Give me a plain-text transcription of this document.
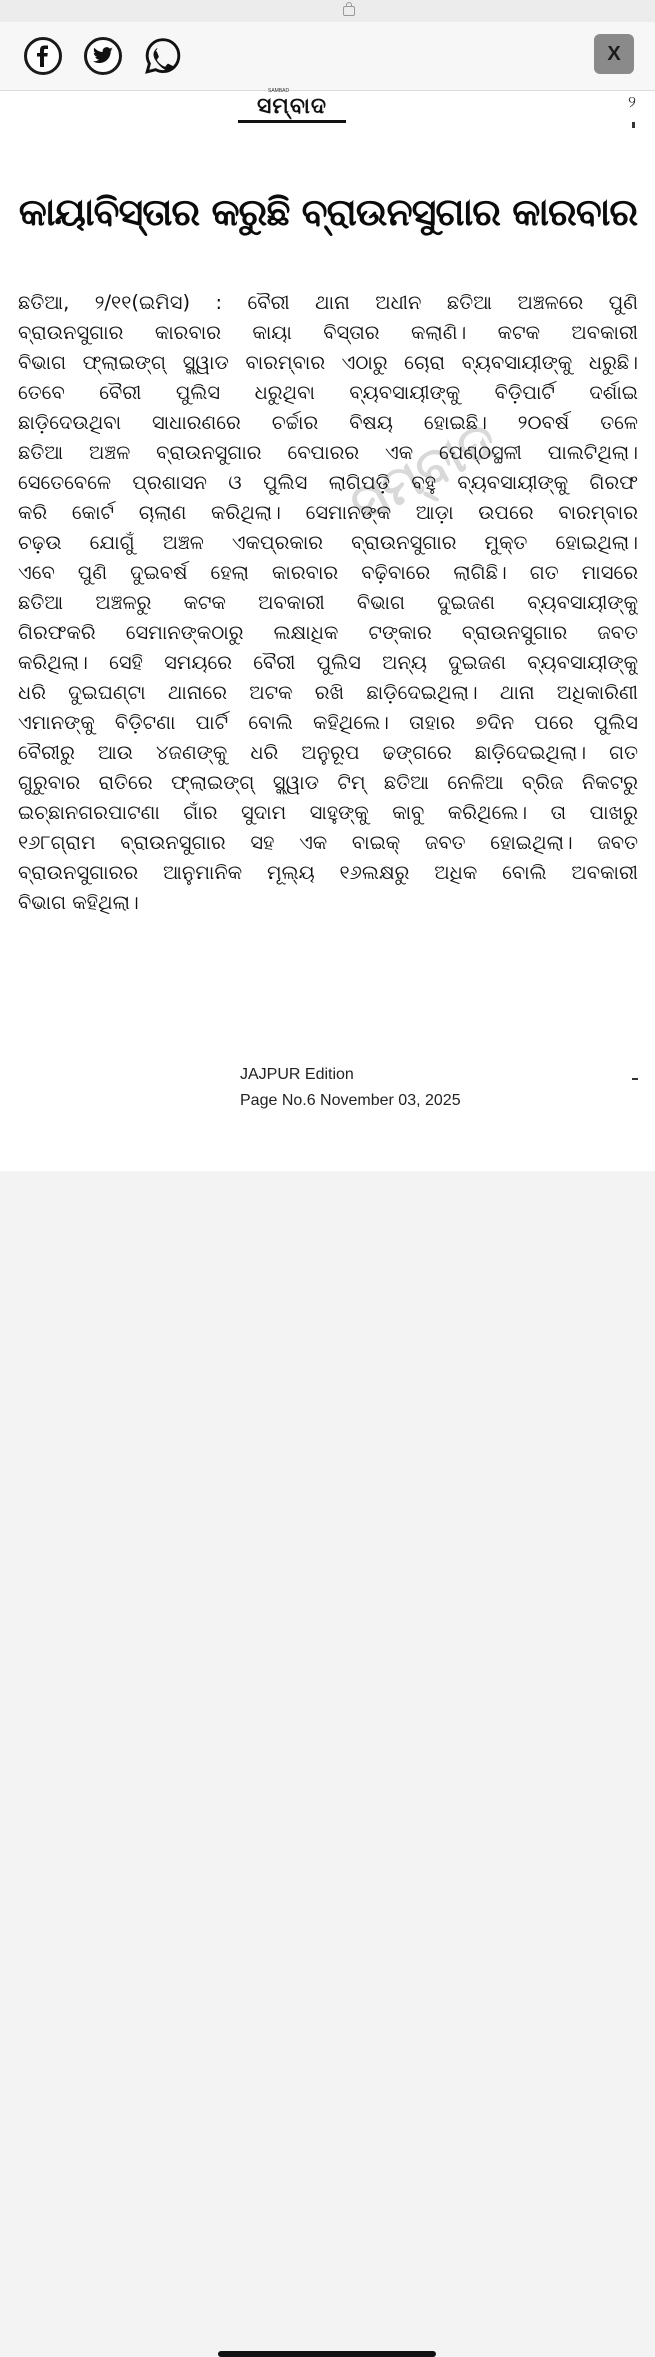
X
SAMBAD
ସମ୍ବାଦ	୨
କାୟାବିସ୍ତାର କରୁଛି ବ୍ରାଉନସୁଗାର କାରବାର
ସମ୍ବାଦ
ଛତିଆ, ୨/୧୧(ଇମିସ) : ବୈରୀ ଥାନା ଅଧୀନ ଛତିଆ ଅଞ୍ଚଳରେ ପୁଣି
ବ୍ରାଉନସୁଗାର କାରବାର କାୟା ବିସ୍ତାର କଲାଣି। କଟକ ଅବକାରୀ
ବିଭାଗ ଫ୍ଲାଇଙ୍ଗ୍ ସ୍କ୍ୱାଡ ବାରମ୍ବାର ଏଠାରୁ ଚୋରା ବ୍ୟବସାୟୀଙ୍କୁ ଧରୁଛି।
ତେବେ ବୈରୀ ପୁଲିସ ଧରୁଥିବା ବ୍ୟବସାୟୀଙ୍କୁ ବିଡ଼ିପାର୍ଟି ଦର୍ଶାଇ
ଛାଡ଼ିଦେଉଥିବା ସାଧାରଣରେ ଚର୍ଚ୍ଚାର ବିଷୟ ହୋଇଛି। ୨୦ବର୍ଷ ତଳେ
ଛତିଆ ଅଞ୍ଚଳ ବ୍ରାଉନସୁଗାର ବେପାରର ଏକ ପେଣ୍ଠସ୍ଥଳୀ ପାଲଟିଥିଲା।
ସେତେବେଳେ ପ୍ରଶାସନ ଓ ପୁଲିସ ଲାଗିପଡ଼ି ବହୁ ବ୍ୟବସାୟୀଙ୍କୁ ଗିରଫ
କରି କୋର୍ଟ ଚାଲାଣ କରିଥିଲା। ସେମାନଙ୍କ ଆଡ଼ା ଉପରେ ବାରମ୍ବାର
ଚଢ଼ଉ ଯୋଗୁଁ ଅଞ୍ଚଳ ଏକପ୍ରକାର ବ୍ରାଉନସୁଗାର ମୁକ୍ତ ହୋଇଥିଲା।
ଏବେ ପୁଣି ଦୁଇବର୍ଷ ହେଲା କାରବାର ବଢ଼ିବାରେ ଲାଗିଛି। ଗତ ମାସରେ
ଛତିଆ ଅଞ୍ଚଳରୁ କଟକ ଅବକାରୀ ବିଭାଗ ଦୁଇଜଣ ବ୍ୟବସାୟୀଙ୍କୁ
ଗିରଫକରି ସେମାନଙ୍କଠାରୁ ଲକ୍ଷାଧିକ ଟଙ୍କାର ବ୍ରାଉନସୁଗାର ଜବତ
କରିଥିଲା। ସେହି ସମୟରେ ବୈରୀ ପୁଲିସ ଅନ୍ୟ ଦୁଇଜଣ ବ୍ୟବସାୟୀଙ୍କୁ
ଧରି ଦୁଇଘଣ୍ଟା ଥାନାରେ ଅଟକ ରଖି ଛାଡ଼ିଦେଇଥିଲା। ଥାନା ଅଧିକାରିଣୀ
ଏମାନଙ୍କୁ ବିଡ଼ିଟଣା ପାର୍ଟି ବୋଲି କହିଥିଲେ। ତାହାର ୭ଦିନ ପରେ ପୁଲିସ
ବୈରୀରୁ ଆଉ ୪ଜଣଙ୍କୁ ଧରି ଅନୁରୂପ ଢଙ୍ଗରେ ଛାଡ଼ିଦେଇଥିଲା। ଗତ
ଗୁରୁବାର ରାତିରେ ଫ୍ଲାଇଙ୍ଗ୍ ସ୍କ୍ୱାଡ ଟିମ୍ ଛତିଆ ନେଳିଆ ବ୍ରିଜ ନିକଟରୁ
ଇଚ୍ଛାନଗରପାଟଣା ଗାଁର ସୁଦାମ ସାହୁଙ୍କୁ କାବୁ କରିଥିଲେ। ତା ପାଖରୁ
୧୬୮ଗ୍ରାମ ବ୍ରାଉନସୁଗାର ସହ ଏକ ବାଇକ୍ ଜବତ ହୋଇଥିଲା। ଜବତ
ବ୍ରାଉନସୁଗାରର ଆନୁମାନିକ ମୂଲ୍ୟ ୧୬ଲକ୍ଷରୁ ଅଧିକ ବୋଲି ଅବକାରୀ
ବିଭାଗ କହିଥିଲା।
JAJPUR Edition
Page No.6 November 03, 2025
